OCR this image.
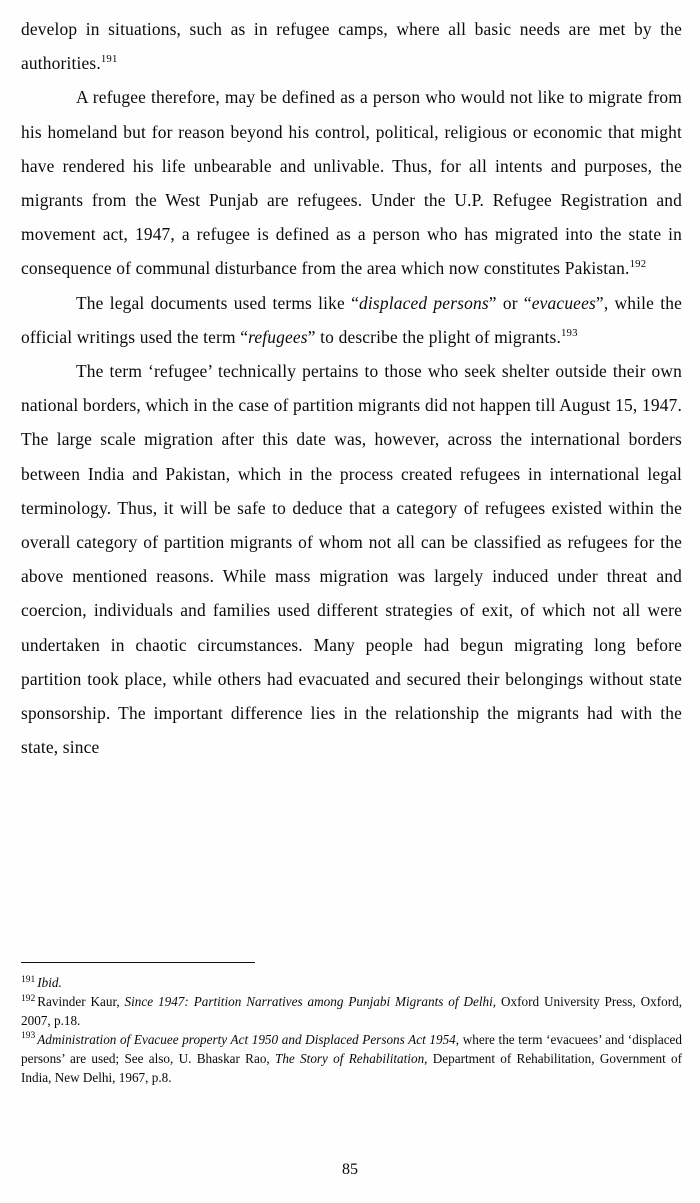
develop in situations, such as in refugee camps, where all basic needs are met by the authorities.$^{191}$

A refugee therefore, may be defined as a person who would not like to migrate from his homeland but for reason beyond his control, political, religious or economic that might have rendered his life unbearable and unlivable. Thus, for all intents and purposes, the migrants from the West Punjab are refugees. Under the U.P. Refugee Registration and movement act, 1947, a refugee is defined as a person who has migrated into the state in consequence of communal disturbance from the area which now constitutes Pakistan.$^{192}$

The legal documents used terms like “displaced persons” or “evacuees”, while the official writings used the term “refugees” to describe the plight of migrants.$^{193}$

The term ‘refugee’ technically pertains to those who seek shelter outside their own national borders, which in the case of partition migrants did not happen till August 15, 1947. The large scale migration after this date was, however, across the international borders between India and Pakistan, which in the process created refugees in international legal terminology. Thus, it will be safe to deduce that a category of refugees existed within the overall category of partition migrants of whom not all can be classified as refugees for the above mentioned reasons. While mass migration was largely induced under threat and coercion, individuals and families used different strategies of exit, of which not all were undertaken in chaotic circumstances. Many people had begun migrating long before partition took place, while others had evacuated and secured their belongings without state sponsorship. The important difference lies in the relationship the migrants had with the state, since

$^{191}$ Ibid.

$^{192}$ Ravinder Kaur, Since 1947: Partition Narratives among Punjabi Migrants of Delhi, Oxford University Press, Oxford, 2007, p.18.

$^{193}$ Administration of Evacuee property Act 1950 and Displaced Persons Act 1954, where the term ‘evacuees’ and ‘displaced persons’ are used; See also, U. Bhaskar Rao, The Story of Rehabilitation, Department of Rehabilitation, Government of India, New Delhi, 1967, p.8.

85
